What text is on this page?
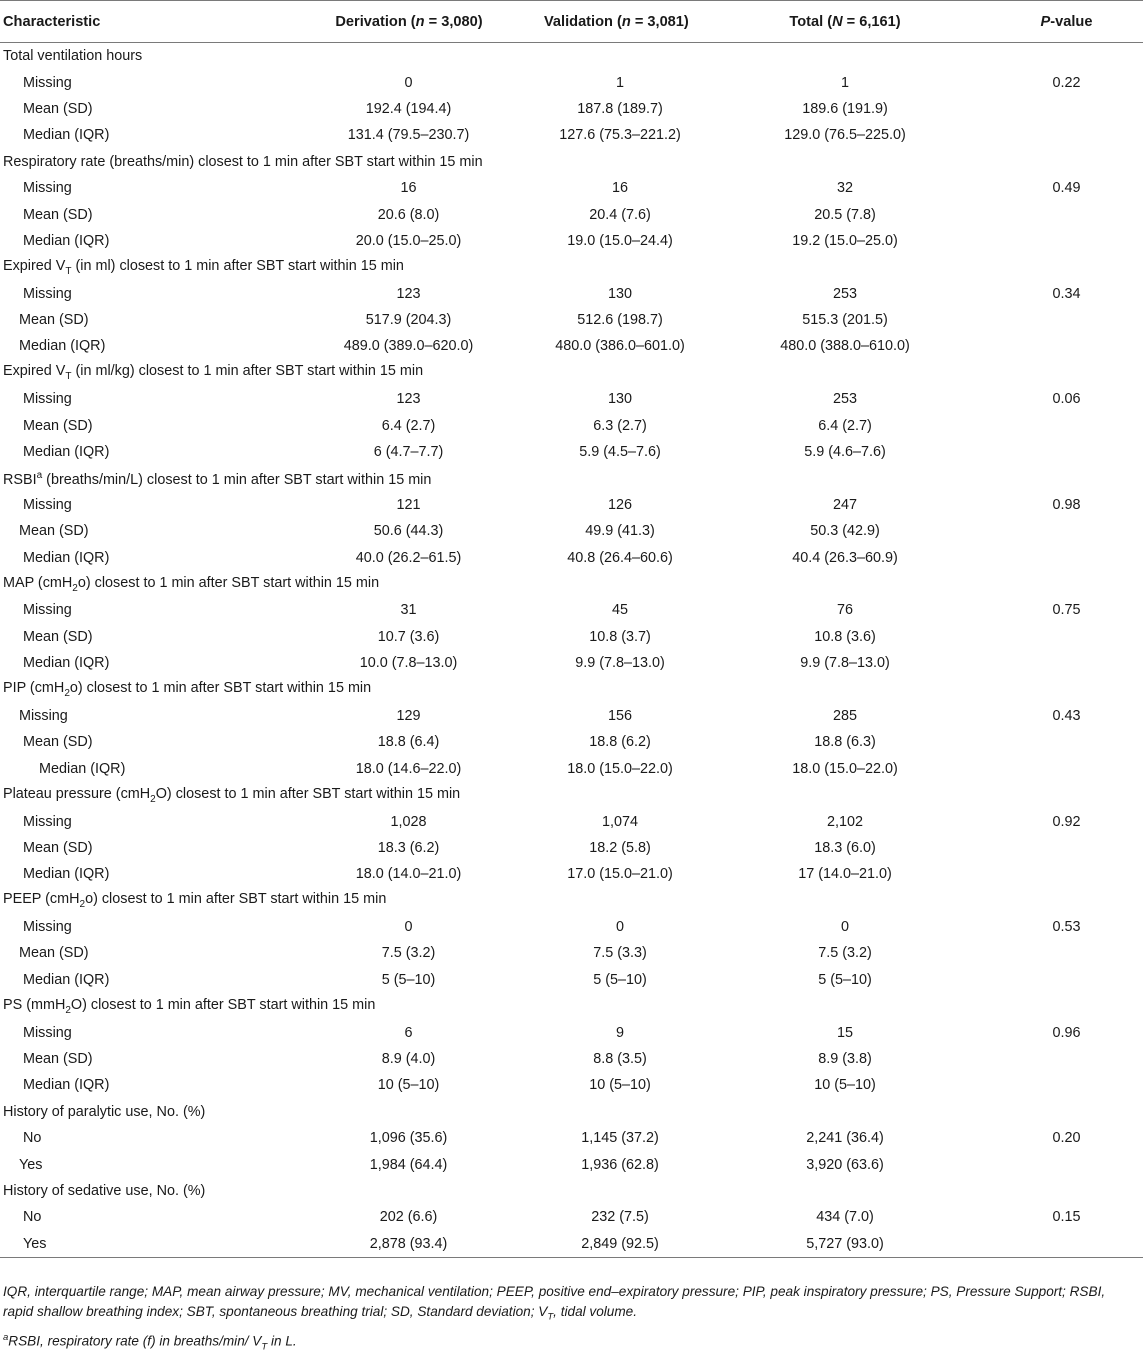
Characteristic	Derivation (n = 3,080)	Validation (n = 3,081)	Total (N = 6,161)	P-value
Total ventilation hours				
Missing	0	1	1	0.22
Mean (SD)	192.4 (194.4)	187.8 (189.7)	189.6 (191.9)	
Median (IQR)	131.4 (79.5–230.7)	127.6 (75.3–221.2)	129.0 (76.5–225.0)	
Respiratory rate (breaths/min) closest to 1 min after SBT start within 15 min				
Missing	16	16	32	0.49
Mean (SD)	20.6 (8.0)	20.4 (7.6)	20.5 (7.8)	
Median (IQR)	20.0 (15.0–25.0)	19.0 (15.0–24.4)	19.2 (15.0–25.0)	
Expired $V_T$ (in ml) closest to 1 min after SBT start within 15 min				
Missing	123	130	253	0.34
Mean (SD)	517.9 (204.3)	512.6 (198.7)	515.3 (201.5)	
Median (IQR)	489.0 (389.0–620.0)	480.0 (386.0–601.0)	480.0 (388.0–610.0)	
Expired $V_T$ (in ml/kg) closest to 1 min after SBT start within 15 min				
Missing	123	130	253	0.06
Mean (SD)	6.4 (2.7)	6.3 (2.7)	6.4 (2.7)	
Median (IQR)	6 (4.7–7.7)	5.9 (4.5–7.6)	5.9 (4.6–7.6)	
RSBI$^a$ (breaths/min/L) closest to 1 min after SBT start within 15 min				
Missing	121	126	247	0.98
Mean (SD)	50.6 (44.3)	49.9 (41.3)	50.3 (42.9)	
Median (IQR)	40.0 (26.2–61.5)	40.8 (26.4–60.6)	40.4 (26.3–60.9)	
MAP (cmH$_2$o) closest to 1 min after SBT start within 15 min				
Missing	31	45	76	0.75
Mean (SD)	10.7 (3.6)	10.8 (3.7)	10.8 (3.6)	
Median (IQR)	10.0 (7.8–13.0)	9.9 (7.8–13.0)	9.9 (7.8–13.0)	
PIP (cmH$_2$o) closest to 1 min after SBT start within 15 min				
Missing	129	156	285	0.43
Mean (SD)	18.8 (6.4)	18.8 (6.2)	18.8 (6.3)	
Median (IQR)	18.0 (14.6–22.0)	18.0 (15.0–22.0)	18.0 (15.0–22.0)	
Plateau pressure (cmH$_2$O) closest to 1 min after SBT start within 15 min				
Missing	1,028	1,074	2,102	0.92
Mean (SD)	18.3 (6.2)	18.2 (5.8)	18.3 (6.0)	
Median (IQR)	18.0 (14.0–21.0)	17.0 (15.0–21.0)	17 (14.0–21.0)	
PEEP (cmH$_2$o) closest to 1 min after SBT start within 15 min				
Missing	0	0	0	0.53
Mean (SD)	7.5 (3.2)	7.5 (3.3)	7.5 (3.2)	
Median (IQR)	5 (5–10)	5 (5–10)	5 (5–10)	
PS (mmH$_2$O) closest to 1 min after SBT start within 15 min				
Missing	6	9	15	0.96
Mean (SD)	8.9 (4.0)	8.8 (3.5)	8.9 (3.8)	
Median (IQR)	10 (5–10)	10 (5–10)	10 (5–10)	
History of paralytic use, No. (%)				
No	1,096 (35.6)	1,145 (37.2)	2,241 (36.4)	0.20
Yes	1,984 (64.4)	1,936 (62.8)	3,920 (63.6)	
History of sedative use, No. (%)				
No	202 (6.6)	232 (7.5)	434 (7.0)	0.15
Yes	2,878 (93.4)	2,849 (92.5)	5,727 (93.0)	

IQR, interquartile range; MAP, mean airway pressure; MV, mechanical ventilation; PEEP, positive end–expiratory pressure; PIP, peak inspiratory pressure; PS, Pressure Support; RSBI, rapid shallow breathing index; SBT, spontaneous breathing trial; SD, Standard deviation; $V_T$, tidal volume.

$^a$RSBI, respiratory rate (f) in breaths/min/ $V_T$ in L.
